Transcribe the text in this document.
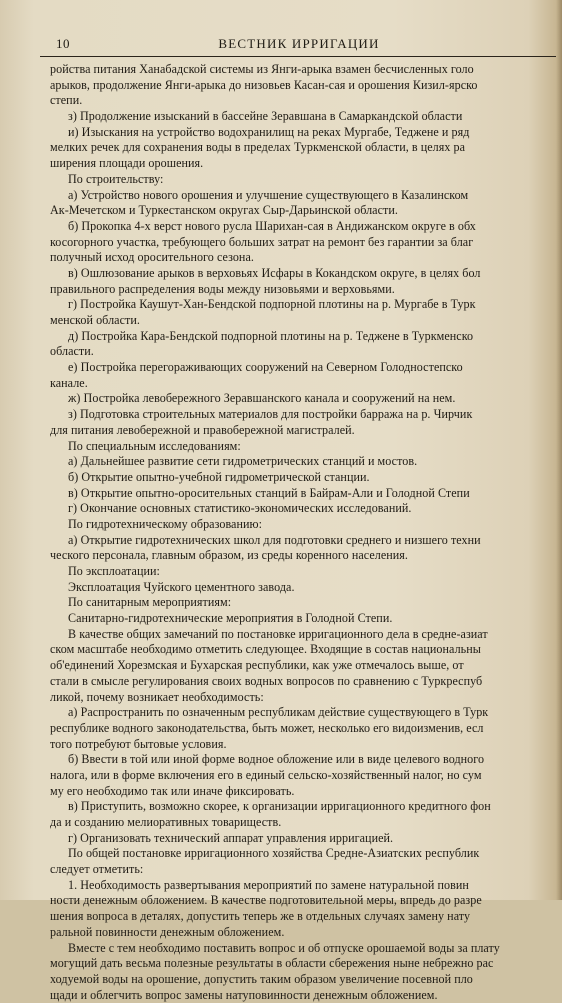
10	ВЕСТНИК ИРРИГАЦИИ
ройства питания Ханабадской системы из Янги-арыка взамен бесчисленных голо
арыков, продолжение Янги-арыка до низовьев Касан-сая и орошения Кизил-ярско
степи.
з) Продолжение изысканий в бассейне Зеравшана в Самаркандской области
и) Изыскания на устройство водохранилищ на реках Мургабе, Теджене и ряд
мелких речек для сохранения воды в пределах Туркменской области, в целях ра
ширения площади орошения.
По строительству:
а) Устройство нового орошения и улучшение существующего в Казалинском
Ак-Мечетском и Туркестанском округах Сыр-Дарьинской области.
б) Прокопка 4-х верст нового русла Шарихан-сая в Андижанском округе в обх
косогорного участка, требующего больших затрат на ремонт без гарантии за благ
получный исход оросительного сезона.
в) Ошлюзование арыков в верховьях Исфары в Кокандском округе, в целях бол
правильного распределения воды между низовьями и верховьями.
г) Постройка Каушут-Хан-Бендской подпорной плотины на р. Мургабе в Турк
менской области.
д) Постройка Кара-Бендской подпорной плотины на р. Теджене в Туркменско
области.
е) Постройка перегораживающих сооружений на Северном Голодностепско
канале.
ж) Постройка левобережного Зеравшанского канала и сооружений на нем.
з) Подготовка строительных материалов для постройки барража на р. Чирчик
для питания левобережной и правобережной магистралей.
По специальным исследованиям:
а) Дальнейшее развитие сети гидрометрических станций и мостов.
б) Открытие опытно-учебной гидрометрической станции.
в) Открытие опытно-оросительных станций в Байрам-Али и Голодной Степи
г) Окончание основных статистико-экономических исследований.
По гидротехническому образованию:
а) Открытие гидротехнических школ для подготовки среднего и низшего техни
ческого персонала, главным образом, из среды коренного населения.
По эксплоатации:
Эксплоатация Чуйского цементного завода.
По санитарным мероприятиям:
Санитарно-гидротехнические мероприятия в Голодной Степи.
В качестве общих замечаний по постановке ирригационного дела в средне-азиат
ском масштабе необходимо отметить следующее. Входящие в состав национальны
об'единений Хорезмская и Бухарская республики, как уже отмечалось выше, от
стали в смысле регулирования своих водных вопросов по сравнению с Туркреспуб
ликой, почему возникает необходимость:
а) Распространить по означенным республикам действие существующего в Турк
республике водного законодательства, быть может, несколько его видоизменив, есл
того потребуют бытовые условия.
б) Ввести в той или иной форме водное обложение или в виде целевого водного
налога, или в форме включения его в единый сельско-хозяйственный налог, но сум
му его необходимо так или иначе фиксировать.
в) Приступить, возможно скорее, к организации ирригационного кредитного фон
да и созданию мелиоративных товариществ.
г) Организовать технический аппарат управления ирригацией.
По общей постановке ирригационного хозяйства Средне-Азиатских республик
следует отметить:
1. Необходимость развертывания мероприятий по замене натуральной повин
ности денежным обложением. В качестве подготовительной меры, впредь до разре
шения вопроса в деталях, допустить теперь же в отдельных случаях замену нату
ральной повинности денежным обложением.
Вместе с тем необходимо поставить вопрос и об отпуске орошаемой воды за плату
могущий дать весьма полезные результаты в области сбережения ныне небрежно рас
ходуемой воды на орошение, допустить таким образом увеличение посевной пло
щади и облегчить вопрос замены натуповинности денежным обложением.
